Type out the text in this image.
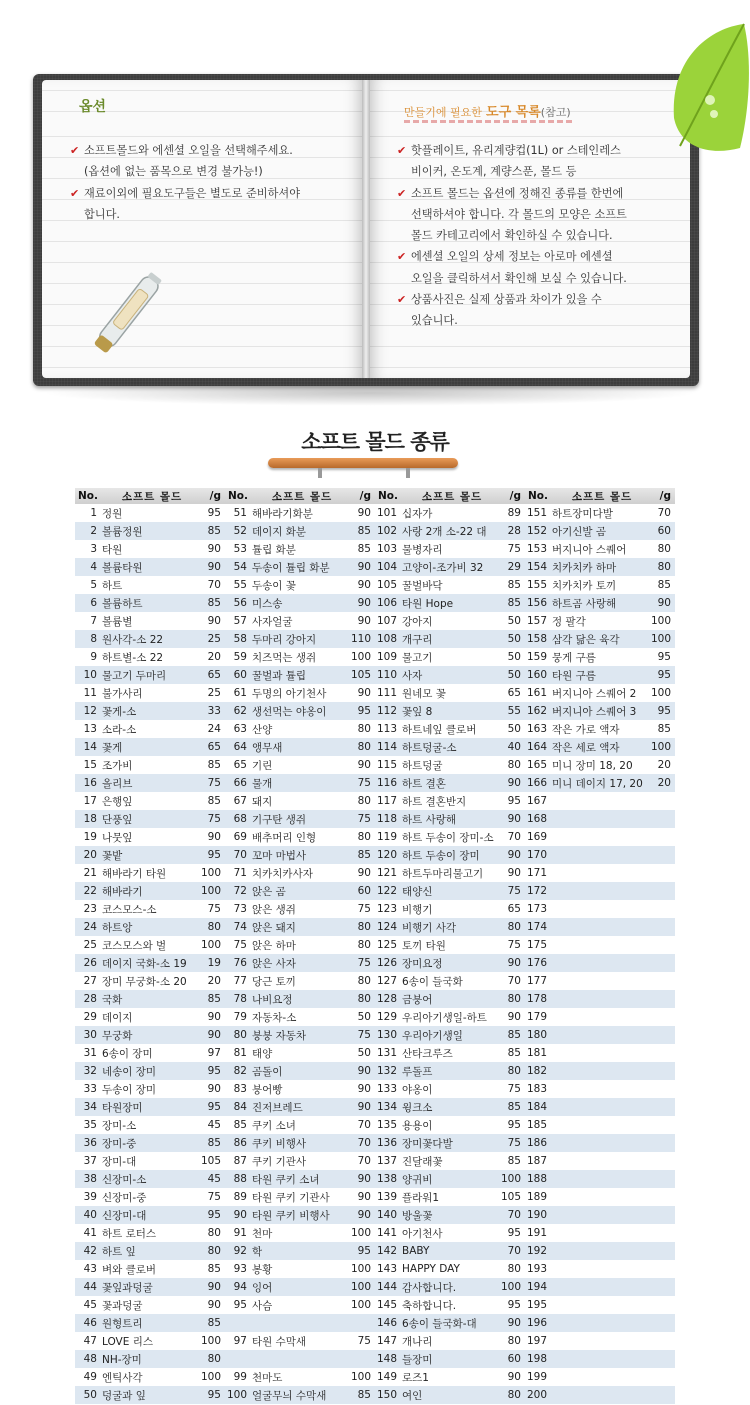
옵션
✔ 소프트몰드와 에센셜 오일을 선택해주세요.
(옵션에 없는 품목으로 변경 불가능!)
✔ 재료이외에 필요도구들은 별도로 준비하셔야
합니다.
만들기에 필요한 도구 목록(참고)
✔ 핫플레이트, 유리계량컵(1L) or 스테인레스
비이커, 온도계, 계량스푼, 몰드 등
✔ 소프트 몰드는 옵션에 정해진 종류를 한번에
선택하셔야 합니다. 각 몰드의 모양은 소프트
몰드 카테고리에서 확인하실 수 있습니다.
✔ 에센셜 오일의 상세 정보는 아로마 에센셜
오일을 클릭하셔서 확인해 보실 수 있습니다.
✔ 상품사진은 실제 상품과 차이가 있을 수
있습니다.
소프트 몰드 종류
No.	소프트 몰드	/g
1 정원	95
2 볼륨정원	85
3 타원	90
4 볼륨타원	90
5 하트	70
6 볼륨하트	85
7 볼륨별	90
8 원사각-소 22	25
9 하트별-소 22	20
10 물고기 두마리	65
11 불가사리	25
12 꽃게-소	33
13 소라-소	24
14 꽃게	65
15 조가비	85
16 올리브	75
17 은행잎	85
18 단풍잎	75
19 나뭇잎	90
20 꽃밭	95
21 해바라기 타원	100
22 해바라기	100
23 코스모스-소	75
24 하트앙	80
25 코스모스와 벌	100
26 데이지 국화-소 19	19
27 장미 무궁화-소 20	20
28 국화	85
29 데이지	90
30 무궁화	90
31 6송이 장미	97
32 네송이 장미	95
33 두송이 장미	90
34 타원장미	95
35 장미-소	45
36 장미-중	85
37 장미-대	105
38 신장미-소	45
39 신장미-중	75
40 신장미-대	95
41 하트 로터스	80
42 하트 잎	80
43 벼와 클로버	85
44 꽃잎과덩굴	90
45 꽃과덩굴	90
46 원형트리	85
47 LOVE 리스	100
48 NH-장미	80
49 엔틱사각	100
50 덩굴과 잎	95
No.	소프트 몰드	/g
51 해바라기화분	90
52 데이지 화분	85
53 튤립 화분	85
54 두송이 튤립 화분	90
55 두송이 꽃	90
56 미스송	90
57 사자얼굴	90
58 두마리 강아지	110
59 치즈먹는 생쥐	100
60 꿀벌과 튤립	105
61 두명의 아기천사	90
62 생선먹는 야옹이	95
63 산양	80
64 앵무새	80
65 기린	90
66 물개	75
67 돼지	80
68 기구탄 생쥐	75
69 배추머리 인형	80
70 꼬마 마법사	85
71 치카치카사자	90
72 앉은 곰	60
73 앉은 생쥐	75
74 앉은 돼지	80
75 앉은 하마	80
76 앉은 사자	75
77 당근 토끼	80
78 나비요정	80
79 자동차-소	50
80 붕붕 자동차	75
81 태양	50
82 곰돌이	90
83 붕어빵	90
84 진저브레드	90
85 쿠키 소녀	70
86 쿠키 비행사	70
87 쿠키 기관사	70
88 타원 쿠키 소녀	90
89 타원 쿠키 기관사	90
90 타원 쿠키 비행사	90
91 천마	100
92 학	95
93 봉황	100
94 잉어	100
95 사슴	100
97 타원 수막새	75
99 천마도	100
100 얼굴무늬 수막새	85
No.	소프트 몰드	/g
101 십자가	89
102 사랑 2개 소-22 대	28
103 물병자리	75
104 고양이-조가비 32	29
105 꿀벌바닥	85
106 타원 Hope	85
107 강아지	50
108 개구리	50
109 물고기	50
110 사자	50
111 원네모 꽃	65
112 꽃잎 8	55
113 하트네잎 클로버	50
114 하트덩굴-소	40
115 하트덩굴	80
116 하트 결혼	90
117 하트 결혼반지	95
118 하트 사랑해	90
119 하트 두송이 장미-소	70
120 하트 두송이 장미	90
121 하트두마리물고기	90
122 태양신	75
123 비행기	65
124 비행기 사각	80
125 토끼 타원	75
126 장미요정	90
127 6송이 들국화	70
128 금붕어	80
129 우리아기생일-하트	90
130 우리아기생일	85
131 산타크루즈	85
132 루돌프	80
133 야옹이	75
134 윙크소	85
135 용용이	95
136 장미꽃다발	75
137 진달래꽃	85
138 양귀비	100
139 플라워1	105
140 방울꽃	70
141 아기천사	95
142 BABY	70
143 HAPPY DAY	80
144 감사합니다.	100
145 축하합니다.	95
146 6송이 들국화-대	90
147 개나리	80
148 들장미	60
149 로즈1	90
150 여인	80
No.	소프트 몰드	/g
151 하트장미다발	70
152 아기신발 곰	60
153 버지니아 스퀘어	80
154 치카치카 하마	80
155 치카치카 토끼	85
156 하트곰 사랑해	90
157 정 팔각	100
158 삼각 닮은 육각	100
159 뭉게 구름	95
160 타원 구름	95
161 버지니아 스퀘어 2	100
162 버지니아 스퀘어 3	95
163 작은 가로 액자	85
164 작은 세로 액자	100
165 미니 장미 18, 20	20
166 미니 데이지 17, 20	20
167
168
169
170
171
172
173
174
175
176
177
178
179
180
181
182
183
184
185
186
187
188
189
190
191
192
193
194
195
196
197
198
199
200
